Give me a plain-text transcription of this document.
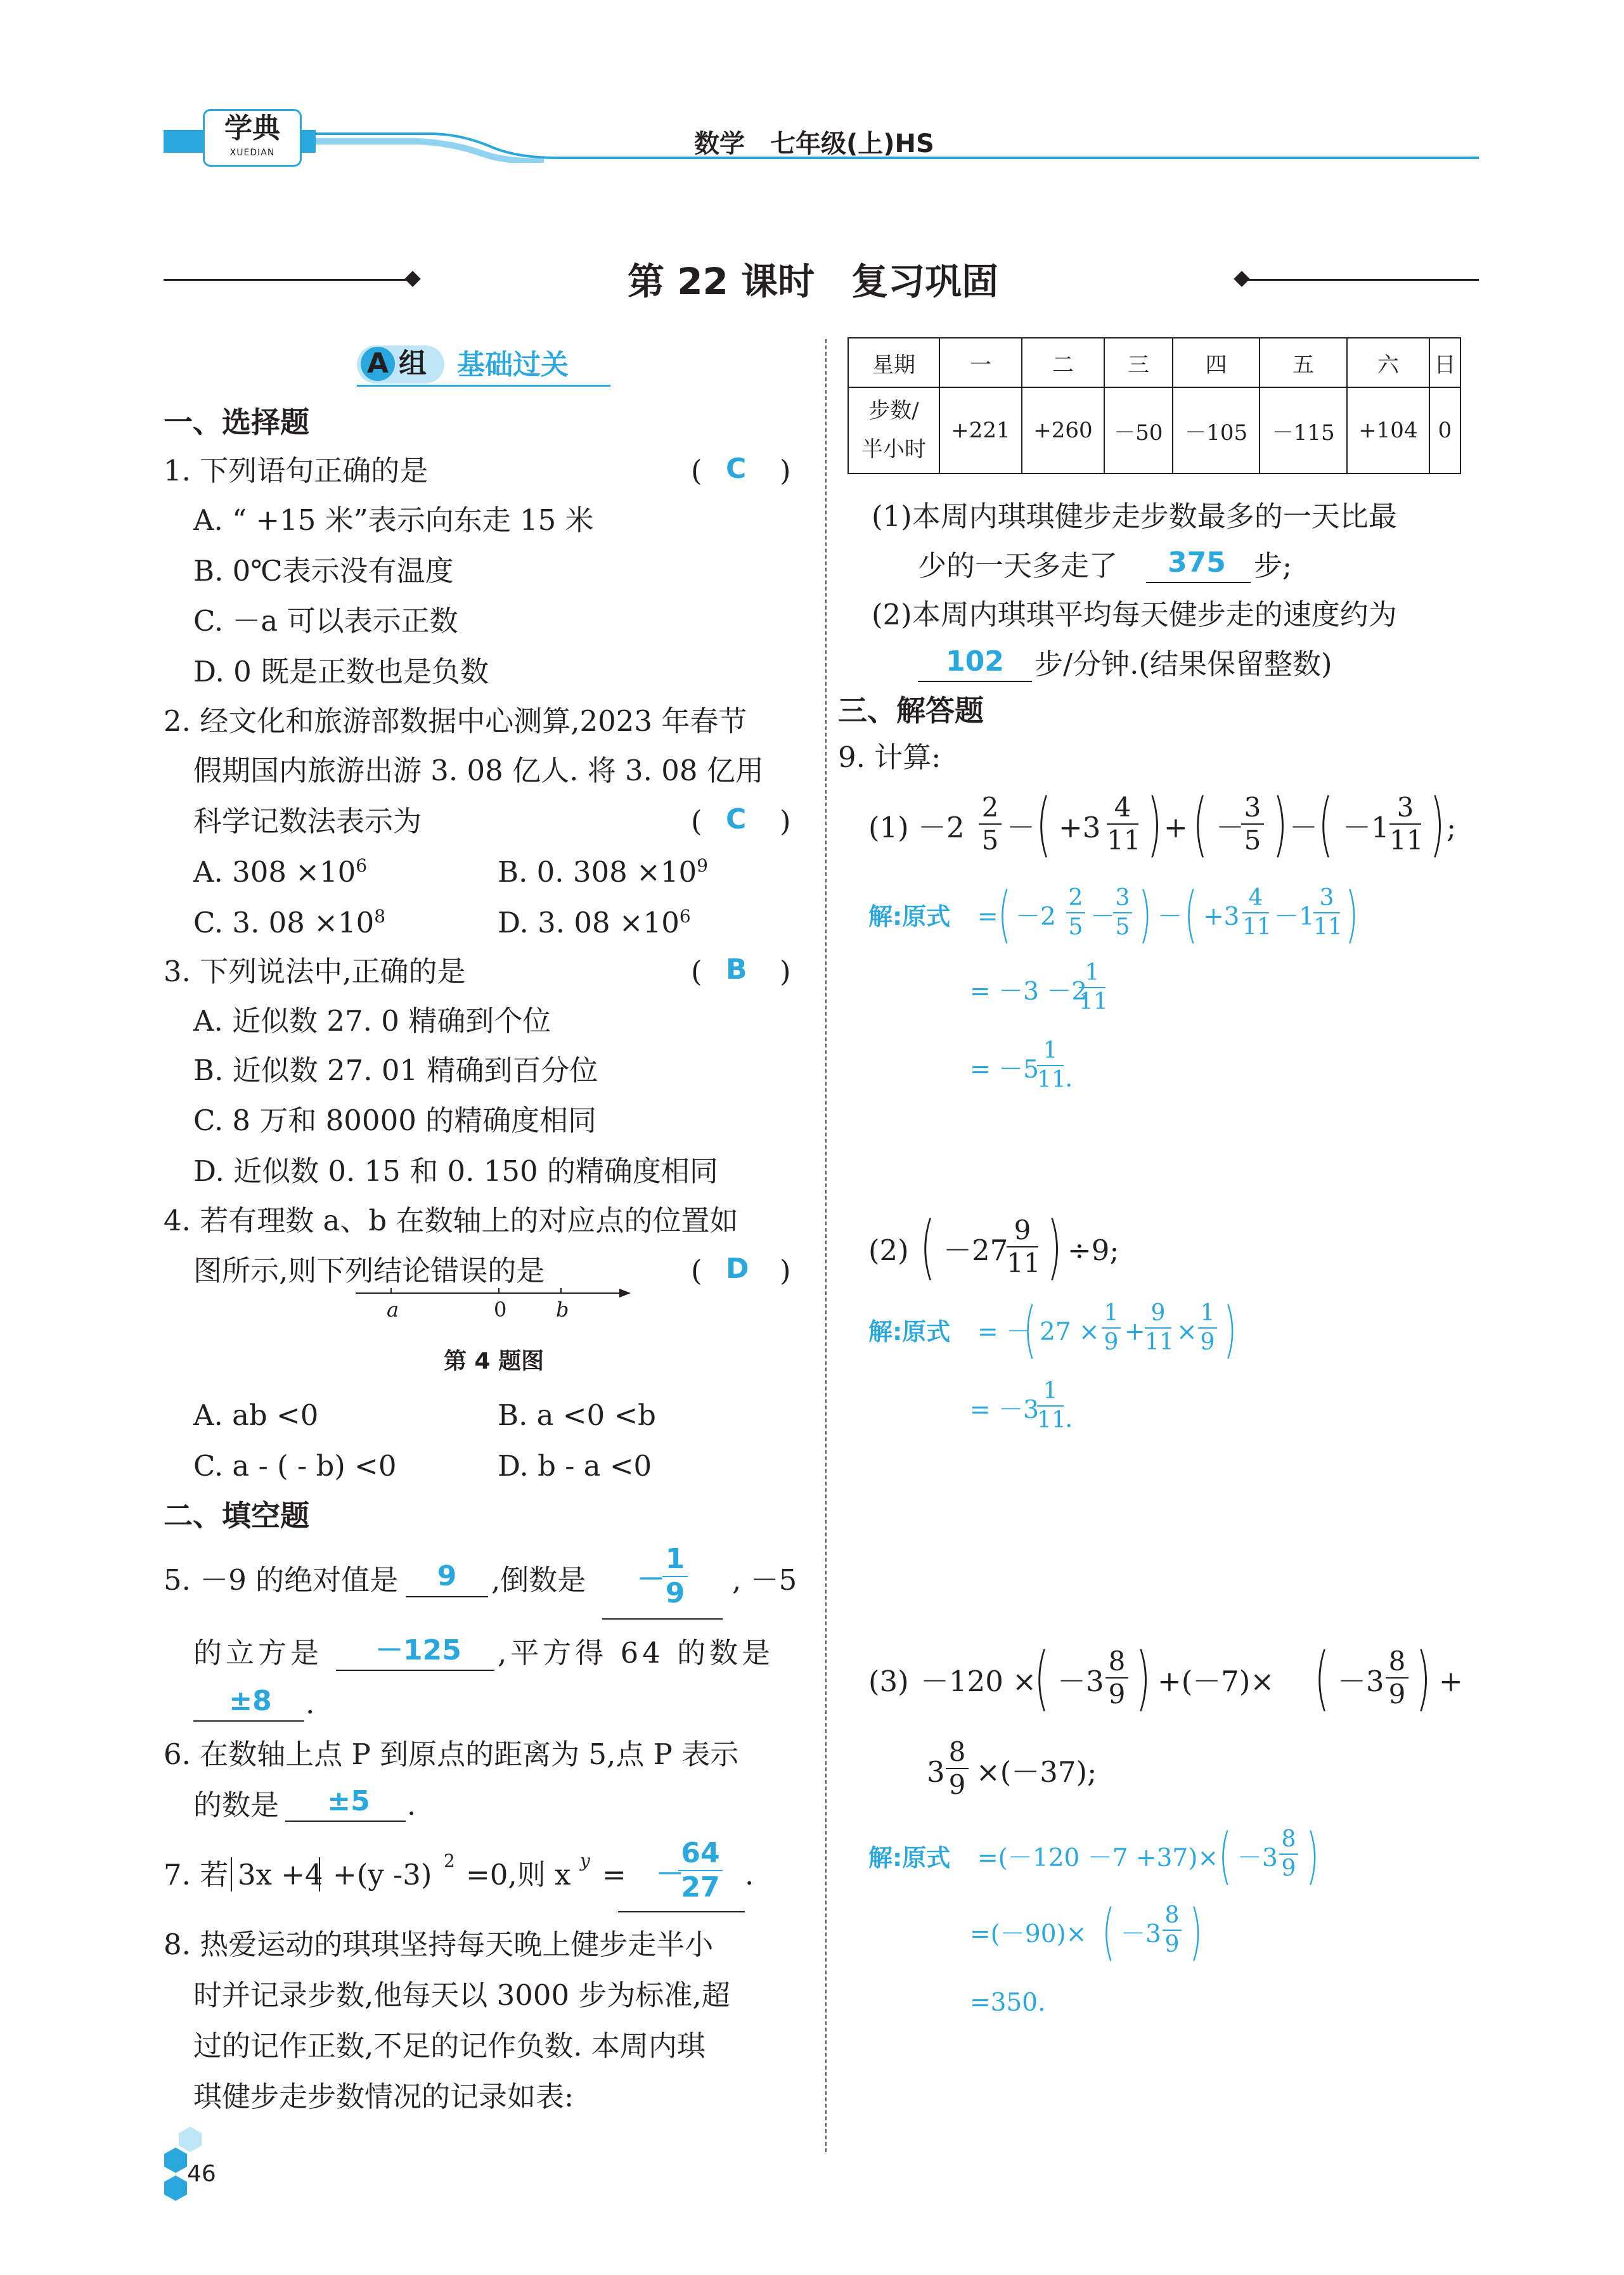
学典
XUEDIAN	数学　七年级(上)HS
第 22 课时　复习巩固
A 组 基础过关
一、选择题
1. 下列语句正确的是	( C )
A. “ +15 米”表示向东走 15 米
B. 0℃表示没有温度
C. －a 可以表示正数
D. 0 既是正数也是负数
2. 经文化和旅游部数据中心测算,2023 年春节
假期国内旅游出游 3. 08 亿人. 将 3. 08 亿用
科学记数法表示为	( C )
A. $308 \times 10^6$	B. 0. $308 \times 10^9$
C. 3. $08 \times 10^8$	D. 3. $08 \times 10^6$
3. 下列说法中,正确的是	( B )
A. 近似数 27. 0 精确到个位
B. 近似数 27. 01 精确到百分位
C. 8 万和 80000 的精确度相同
D. 近似数 0. 15 和 0. 150 的精确度相同
4. 若有理数 a、b 在数轴上的对应点的位置如
图所示,则下列结论错误的是	( D )
a	0 b
第 4 题图
A. ab <0	B. a <0 <b
C. a - ( - b) <0	D. b - a <0
二、填空题
5. －9 的绝对值是	9	,倒数是 －
1
9 , －5
的立方是	－125	,平方得 64 的数是
±8	.
6. 在数轴上点 P 到原点的距离为 5,点 P 表示
的数是	±5	.
7. 若 3x +4 +(y -3) 2 =0,则 x y = －
64
27 .
8. 热爱运动的琪琪坚持每天晚上健步走半小
时并记录步数,他每天以 3000 步为标准,超
过的记作正数,不足的记作负数. 本周内琪
琪健步走步数情况的记录如表:
星期	一	二	三	四	五	六	日

步数/
半小时	+221	+260	－50	－105	－115	+104	0
(1)本周内琪琪健步走步数最多的一天比最
少的一天多走了	375 步;
(2)本周内琪琪平均每天健步走的速度约为
102	步/分钟.(结果保留整数)
三、解答题
9. 计算:
(1) －2
2
5 － ( +3
4
11 ) + ( －
3
5 ) － ( －1
3
11 ) ;
解:原式 = ( －2
2
5 －
3
5 ) － ( +3
4
11 －1
3
11 )
= －3 －2
1
11
= －5
1
11
.
(2) ( －27
9
11 ) ÷9;
解:原式 = －
( 27 ×
1
9 +
9
11 ×
1
9 )
= －3
1
11
.
(3) －120 ×
( －3
8
9 ) +(－7)× ( －3
8
9 ) +
3
8
9 ×(－37);
解:原式 =(－120 －7 +37)× ( －3
8
9 )
=(－90)× ( －3
8
9 )
=350.
46
